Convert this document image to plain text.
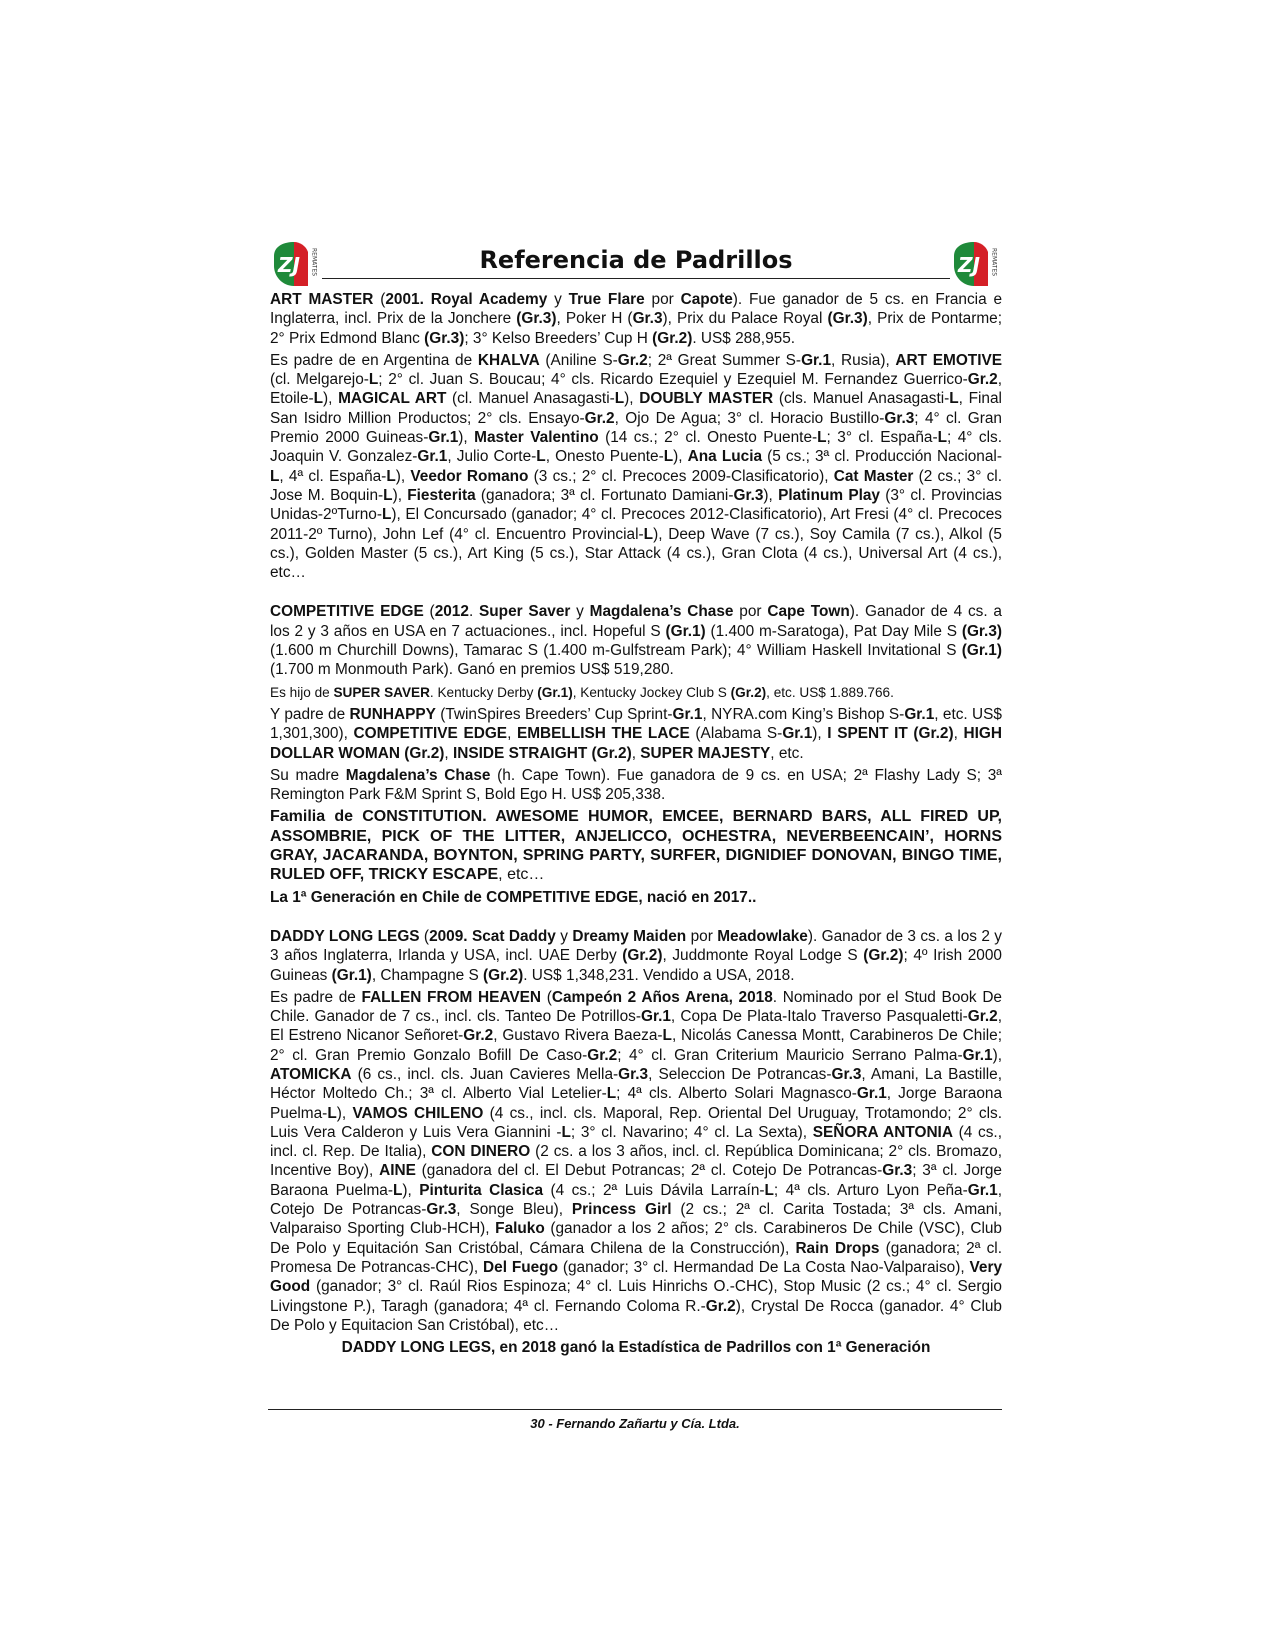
ZJ REMATES	Referencia de Padrillos	ZJ REMATES

ART MASTER (2001. Royal Academy y True Flare por Capote). Fue ganador de 5 cs. en Francia e Inglaterra, incl. Prix de la Jonchere (Gr.3), Poker H (Gr.3), Prix du Palace Royal (Gr.3), Prix de Pontarme; 2° Prix Edmond Blanc (Gr.3); 3° Kelso Breeders’ Cup H (Gr.2). US$ 288,955.

Es padre de en Argentina de KHALVA (Aniline S-Gr.2; 2ª Great Summer S-Gr.1, Rusia), ART EMOTIVE (cl. Melgarejo-L; 2° cl. Juan S. Boucau; 4° cls. Ricardo Ezequiel y Ezequiel M. Fernandez Guerrico-Gr.2, Etoile-L), MAGICAL ART (cl. Manuel Anasagasti-L), DOUBLY MASTER (cls. Manuel Anasagasti-L, Final San Isidro Million Productos; 2° cls. Ensayo-Gr.2, Ojo De Agua; 3° cl. Horacio Bustillo-Gr.3; 4° cl. Gran Premio 2000 Guineas-Gr.1), Master Valentino (14 cs.; 2° cl. Onesto Puente-L; 3° cl. España-L; 4° cls. Joaquin V. Gonzalez-Gr.1, Julio Corte-L, Onesto Puente-L), Ana Lucia (5 cs.; 3ª cl. Producción Nacional-L, 4ª cl. España-L), Veedor Romano (3 cs.; 2° cl. Precoces 2009-Clasificatorio), Cat Master (2 cs.; 3° cl. Jose M. Boquin-L), Fiesterita (ganadora; 3ª cl. Fortunato Damiani-Gr.3), Platinum Play (3° cl. Provincias Unidas-2ºTurno-L), El Concursado (ganador; 4° cl. Precoces 2012-Clasificatorio), Art Fresi (4° cl. Precoces 2011-2º Turno), John Lef (4° cl. Encuentro Provincial-L), Deep Wave (7 cs.), Soy Camila (7 cs.), Alkol (5 cs.), Golden Master (5 cs.), Art King (5 cs.), Star Attack (4 cs.), Gran Clota (4 cs.), Universal Art (4 cs.), etc…

COMPETITIVE EDGE (2012. Super Saver y Magdalena’s Chase por Cape Town). Ganador de 4 cs. a los 2 y 3 años en USA en 7 actuaciones., incl. Hopeful S (Gr.1) (1.400 m-Saratoga), Pat Day Mile S (Gr.3) (1.600 m Churchill Downs), Tamarac S (1.400 m-Gulfstream Park); 4° William Haskell Invitational S (Gr.1) (1.700 m Monmouth Park). Ganó en premios US$ 519,280.

Es hijo de SUPER SAVER. Kentucky Derby (Gr.1), Kentucky Jockey Club S (Gr.2), etc. US$ 1.889.766.

Y padre de RUNHAPPY (TwinSpires Breeders’ Cup Sprint-Gr.1, NYRA.com King’s Bishop S-Gr.1, etc. US$ 1,301,300), COMPETITIVE EDGE, EMBELLISH THE LACE (Alabama S-Gr.1), I SPENT IT (Gr.2), HIGH DOLLAR WOMAN (Gr.2), INSIDE STRAIGHT (Gr.2), SUPER MAJESTY, etc.

Su madre Magdalena’s Chase (h. Cape Town). Fue ganadora de 9 cs. en USA; 2ª Flashy Lady S; 3ª Remington Park F&M Sprint S, Bold Ego H. US$ 205,338.

Familia de CONSTITUTION. AWESOME HUMOR, EMCEE, BERNARD BARS, ALL FIRED UP, ASSOMBRIE, PICK OF THE LITTER, ANJELICCO, OCHESTRA, NEVERBEENCAIN’, HORNS GRAY, JACARANDA, BOYNTON, SPRING PARTY, SURFER, DIGNIDIEF DONOVAN, BINGO TIME, RULED OFF, TRICKY ESCAPE, etc…

La 1ª Generación en Chile de COMPETITIVE EDGE, nació en 2017..

DADDY LONG LEGS (2009. Scat Daddy y Dreamy Maiden por Meadowlake). Ganador de 3 cs. a los 2 y 3 años Inglaterra, Irlanda y USA, incl. UAE Derby (Gr.2), Juddmonte Royal Lodge S (Gr.2); 4º Irish 2000 Guineas (Gr.1), Champagne S (Gr.2). US$ 1,348,231. Vendido a USA, 2018.

Es padre de FALLEN FROM HEAVEN (Campeón 2 Años Arena, 2018. Nominado por el Stud Book De Chile. Ganador de 7 cs., incl. cls. Tanteo De Potrillos-Gr.1, Copa De Plata-Italo Traverso Pasqualetti-Gr.2, El Estreno Nicanor Señoret-Gr.2, Gustavo Rivera Baeza-L, Nicolás Canessa Montt, Carabineros De Chile; 2° cl. Gran Premio Gonzalo Bofill De Caso-Gr.2; 4° cl. Gran Criterium Mauricio Serrano Palma-Gr.1), ATOMICKA (6 cs., incl. cls. Juan Cavieres Mella-Gr.3, Seleccion De Potrancas-Gr.3, Amani, La Bastille, Héctor Moltedo Ch.; 3ª cl. Alberto Vial Letelier-L; 4ª cls. Alberto Solari Magnasco-Gr.1, Jorge Baraona Puelma-L), VAMOS CHILENO (4 cs., incl. cls. Maporal, Rep. Oriental Del Uruguay, Trotamondo; 2° cls. Luis Vera Calderon y Luis Vera Giannini -L; 3° cl. Navarino; 4° cl. La Sexta), SEÑORA ANTONIA (4 cs., incl. cl. Rep. De Italia), CON DINERO (2 cs. a los 3 años, incl. cl. República Dominicana; 2° cls. Bromazo, Incentive Boy), AINE (ganadora del cl. El Debut Potrancas; 2ª cl. Cotejo De Potrancas-Gr.3; 3ª cl. Jorge Baraona Puelma-L), Pinturita Clasica (4 cs.; 2ª Luis Dávila Larraín-L; 4ª cls. Arturo Lyon Peña-Gr.1, Cotejo De Potrancas-Gr.3, Songe Bleu), Princess Girl (2 cs.; 2ª cl. Carita Tostada; 3ª cls. Amani, Valparaiso Sporting Club-HCH), Faluko (ganador a los 2 años; 2° cls. Carabineros De Chile (VSC), Club De Polo y Equitación San Cristóbal, Cámara Chilena de la Construcción), Rain Drops (ganadora; 2ª cl. Promesa De Potrancas-CHC), Del Fuego (ganador; 3° cl. Hermandad De La Costa Nao-Valparaiso), Very Good (ganador; 3° cl. Raúl Rios Espinoza; 4° cl. Luis Hinrichs O.-CHC), Stop Music (2 cs.; 4° cl. Sergio Livingstone P.), Taragh (ganadora; 4ª cl. Fernando Coloma R.-Gr.2), Crystal De Rocca (ganador. 4° Club De Polo y Equitacion San Cristóbal), etc…

DADDY LONG LEGS, en 2018 ganó la Estadística de Padrillos con 1ª Generación

30 - Fernando Zañartu y Cía. Ltda.
